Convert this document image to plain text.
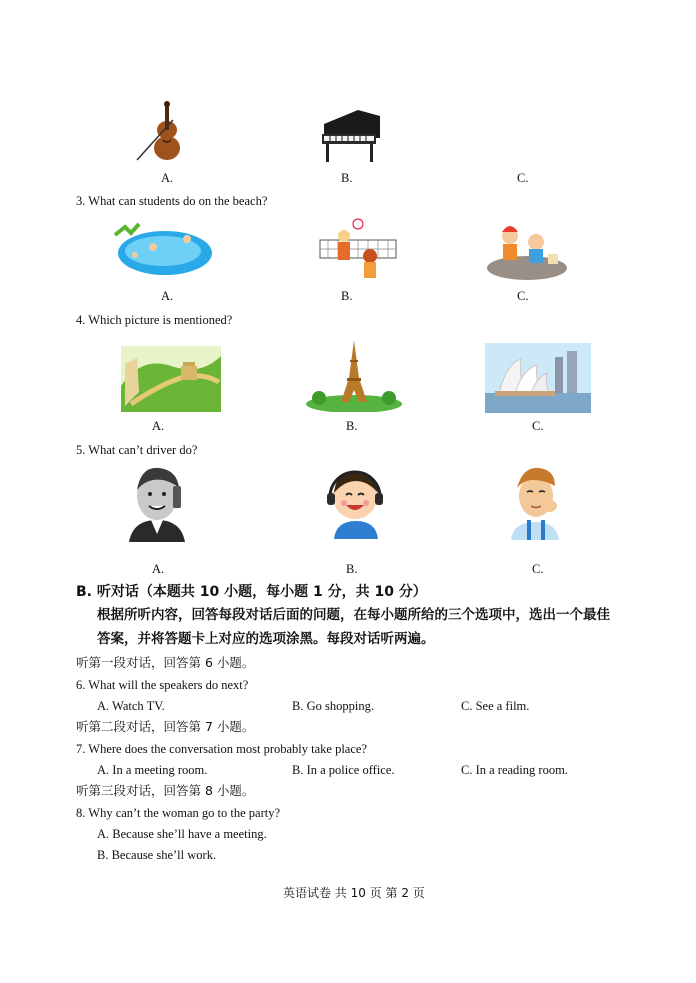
A.	B.	C.
3. What can students do on the beach?
A.	B.	C.
4. Which picture is mentioned?
A.	B.	C.
5. What can’t driver do?
A.	B.	C.
B. 听对话（本题共 10 小题，每小题 1 分，共 10 分）
根据所听内容，回答每段对话后面的问题，在每小题所给的三个选项中，选出一个最佳
答案，并将答题卡上对应的选项涂黑。每段对话听两遍。
听第一段对话，回答第 6 小题。
6. What will the speakers do next?
A. Watch TV.	B. Go shopping.	C. See a film.
听第二段对话，回答第 7 小题。
7. Where does the conversation most probably take place?
A. In a meeting room.	B. In a police office.	C. In a reading room.
听第三段对话，回答第 8 小题。
8. Why can’t the woman go to the party?
A. Because she’ll have a meeting.
B. Because she’ll work.
英语试卷 共 10 页 第 2 页
